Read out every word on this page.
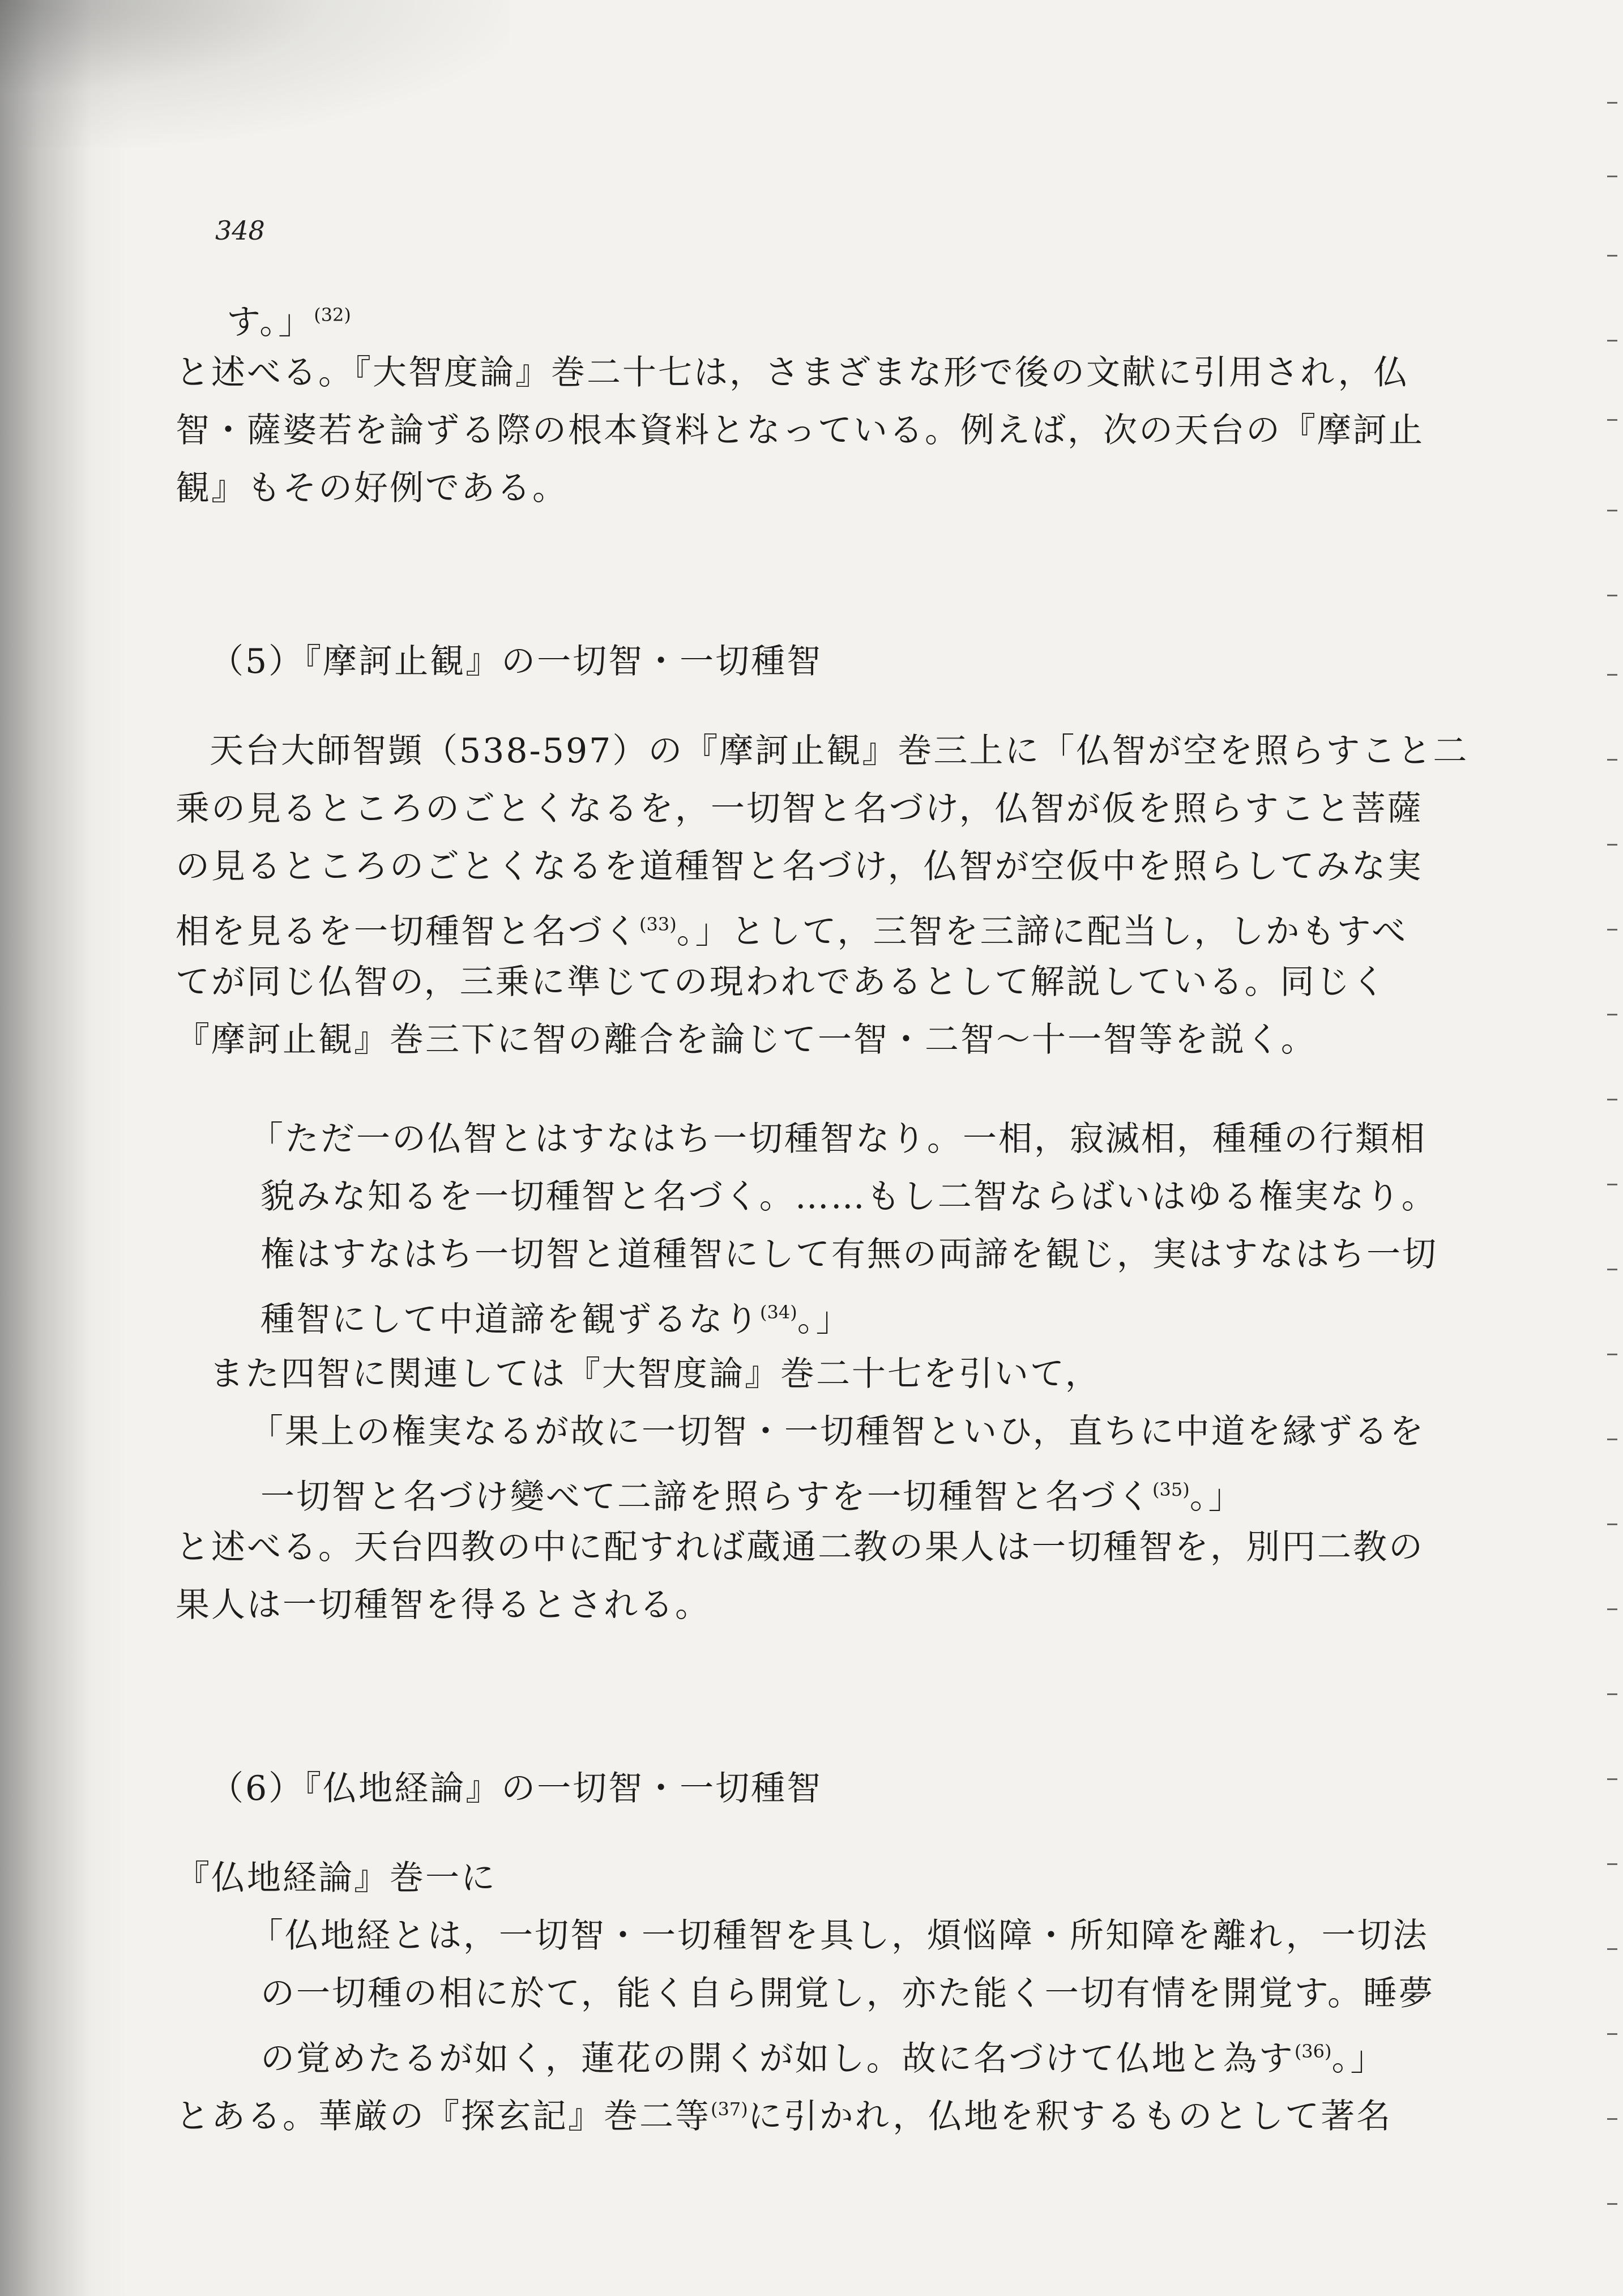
348
す。」$^{(32)}$
と述べる。『大智度論』巻二十七は，さまざまな形で後の文献に引用され，仏
智・薩婆若を論ずる際の根本資料となっている。例えば，次の天台の『摩訶止
観』もその好例である。
（5）『摩訶止観』の一切智・一切種智
天台大師智顗（538-597）の『摩訶止観』巻三上に「仏智が空を照らすこと二
乗の見るところのごとくなるを，一切智と名づけ，仏智が仮を照らすこと菩薩
の見るところのごとくなるを道種智と名づけ，仏智が空仮中を照らしてみな実
相を見るを一切種智と名づく$^{(33)}$。」として，三智を三諦に配当し，しかもすべ
てが同じ仏智の，三乗に準じての現われであるとして解説している。同じく
『摩訶止観』巻三下に智の離合を論じて一智・二智～十一智等を説く。
「ただ一の仏智とはすなはち一切種智なり。一相，寂滅相，種種の行類相
貌みな知るを一切種智と名づく。……もし二智ならばいはゆる権実なり。
権はすなはち一切智と道種智にして有無の両諦を観じ，実はすなはち一切
種智にして中道諦を観ずるなり$^{(34)}$。」
また四智に関連しては『大智度論』巻二十七を引いて，
「果上の権実なるが故に一切智・一切種智といひ，直ちに中道を縁ずるを
一切智と名づけ變べて二諦を照らすを一切種智と名づく$^{(35)}$。」
と述べる。天台四教の中に配すれば蔵通二教の果人は一切種智を，別円二教の
果人は一切種智を得るとされる。
（6）『仏地経論』の一切智・一切種智
『仏地経論』巻一に
「仏地経とは，一切智・一切種智を具し，煩悩障・所知障を離れ，一切法
の一切種の相に於て，能く自ら開覚し，亦た能く一切有情を開覚す。睡夢
の覚めたるが如く，蓮花の開くが如し。故に名づけて仏地と為す$^{(36)}$。」
とある。華厳の『探玄記』巻二等$^{(37)}$に引かれ，仏地を釈するものとして著名
